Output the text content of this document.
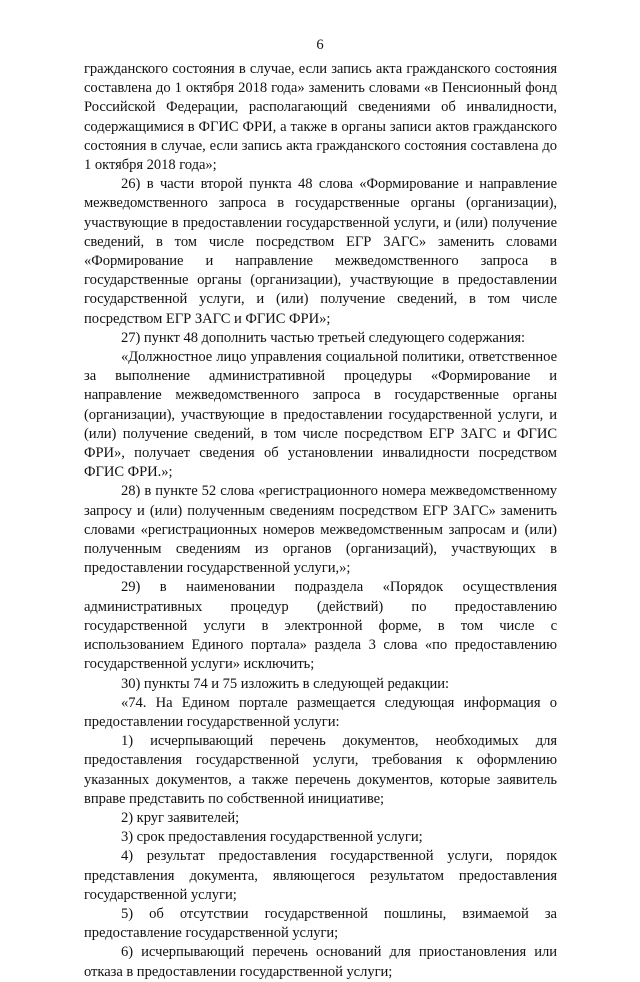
6

гражданского состояния в случае, если запись акта гражданского состояния составлена до 1 октября 2018 года» заменить словами «в Пенсионный фонд Российской Федерации, располагающий сведениями об инвалидности, содержащимися в ФГИС ФРИ, а также в органы записи актов гражданского состояния в случае, если запись акта гражданского состояния составлена до 1 октября 2018 года»;

26) в части второй пункта 48 слова «Формирование и направление межведомственного запроса в государственные органы (организации), участвующие в предоставлении государственной услуги, и (или) получение сведений, в том числе посредством ЕГР ЗАГС» заменить словами «Формирование и направление межведомственного запроса в государственные органы (организации), участвующие в предоставлении государственной услуги, и (или) получение сведений, в том числе посредством ЕГР ЗАГС и ФГИС ФРИ»;

27) пункт 48 дополнить частью третьей следующего содержания:

«Должностное лицо управления социальной политики, ответственное за выполнение административной процедуры «Формирование и направление межведомственного запроса в государственные органы (организации), участвующие в предоставлении государственной услуги, и (или) получение сведений, в том числе посредством ЕГР ЗАГС и ФГИС ФРИ», получает сведения об установлении инвалидности посредством ФГИС ФРИ.»;

28) в пункте 52 слова «регистрационного номера межведомственному запросу и (или) полученным сведениям посредством ЕГР ЗАГС» заменить словами «регистрационных номеров межведомственным запросам и (или) полученным сведениям из органов (организаций), участвующих в предоставлении государственной услуги,»;

29) в наименовании подраздела «Порядок осуществления административных процедур (действий) по предоставлению государственной услуги в электронной форме, в том числе с использованием Единого портала» раздела 3 слова «по предоставлению государственной услуги» исключить;

30) пункты 74 и 75 изложить в следующей редакции:

«74. На Едином портале размещается следующая информация о предоставлении государственной услуги:

1) исчерпывающий перечень документов, необходимых для предоставления государственной услуги, требования к оформлению указанных документов, а также перечень документов, которые заявитель вправе представить по собственной инициативе;

2) круг заявителей;

3) срок предоставления государственной услуги;

4) результат предоставления государственной услуги, порядок представления документа, являющегося результатом предоставления государственной услуги;

5) об отсутствии государственной пошлины, взимаемой за предоставление государственной услуги;

6) исчерпывающий перечень оснований для приостановления или отказа в предоставлении государственной услуги;
